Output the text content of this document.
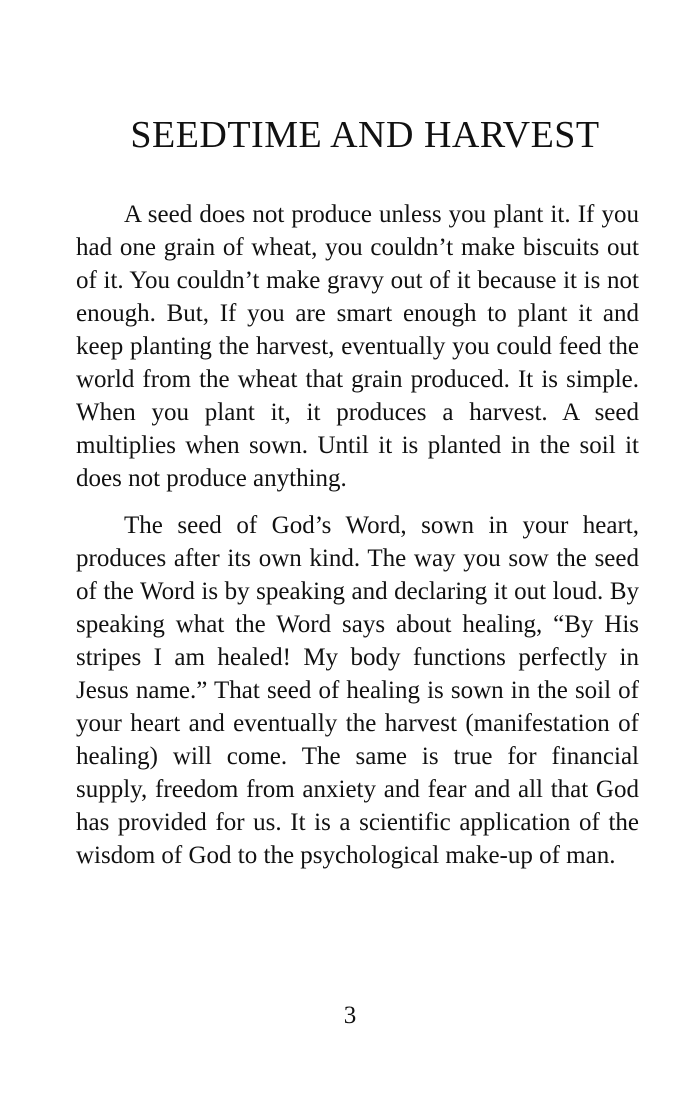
SEEDTIME AND HARVEST

A seed does not produce unless you plant it. If you had one grain of wheat, you couldn’t make biscuits out of it. You couldn’t make gravy out of it because it is not enough. But, If you are smart enough to plant it and keep planting the harvest, eventually you could feed the world from the wheat that grain produced. It is simple. When you plant it, it produces a harvest. A seed multiplies when sown. Until it is planted in the soil it does not produce anything.

The seed of God’s Word, sown in your heart, produces after its own kind. The way you sow the seed of the Word is by speaking and declaring it out loud. By speaking what the Word says about healing, “By His stripes I am healed! My body functions perfectly in Jesus name.” That seed of healing is sown in the soil of your heart and eventually the harvest (manifestation of healing) will come. The same is true for financial supply, freedom from anxiety and fear and all that God has provided for us. It is a scientific application of the wisdom of God to the psychological make-up of man.

3
